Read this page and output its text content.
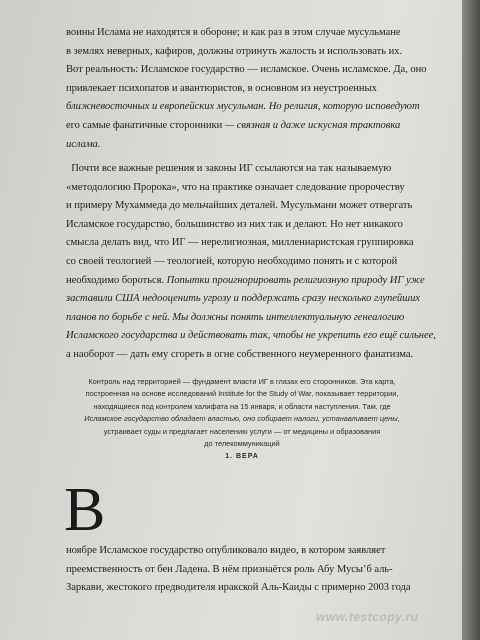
воины Ислама не находятся в обороне; и как раз в этом случае мусульмане
в землях неверных, кафиров, должны отринуть жалость и использовать их.
Вот реальность: Исламское государство — исламское. Очень исламское. Да, оно
привлекает психопатов и авантюристов, в основном из неустроенных
ближневосточных и европейских мусульман. Но религия, которую исповедуют
его самые фанатичные сторонники — связная и даже искусная трактовка
ислама.
Почти все важные решения и законы ИГ ссылаются на так называемую
«методологию Пророка», что на практике означает следование пророчеству
и примеру Мухаммеда до мельчайших деталей. Мусульмани может отвергать
Исламское государство, большинство из них так и делают. Но нет никакого
смысла делать вид, что ИГ — нерелигиозная, миллениаристская группировка
со своей теологией — теологией, которую необходимо понять и с которой
необходимо бороться. Попытки проигнорировать религиозную природу ИГ уже
заставили США недооценить угрозу и поддержать сразу несколько глупейших
планов по борьбе с ней. Мы должны понять интеллектуальную генеалогию
Исламского государства и действовать так, чтобы не укрепить его ещё сильнее,
а наоборот — дать ему сгореть в огне собственного неумеренного фанатизма.
Контроль над территорией — фундамент власти ИГ в глазах его сторонников. Эта карта,
построенная на основе исследований Institute for the Study of War, показывает территории,
находящиеся под контролем халифата на 15 января, и области наступления. Там, где
Исламское государство обладает властью, оно собирает налоги, устанавливает цены,
устраивает суды и предлагает населению услуги — от медицины и образования
до телекоммуникаций
1. ВЕРА
В
ноябре Исламское государство опубликовало видео, в котором заявляет
преемственность от бен Ладена. В нём признаётся роль Абу Мусы’б аль-
Заркави, жестокого предводителя иракской Аль-Каиды с примерно 2003 года
www.testcopy.ru
